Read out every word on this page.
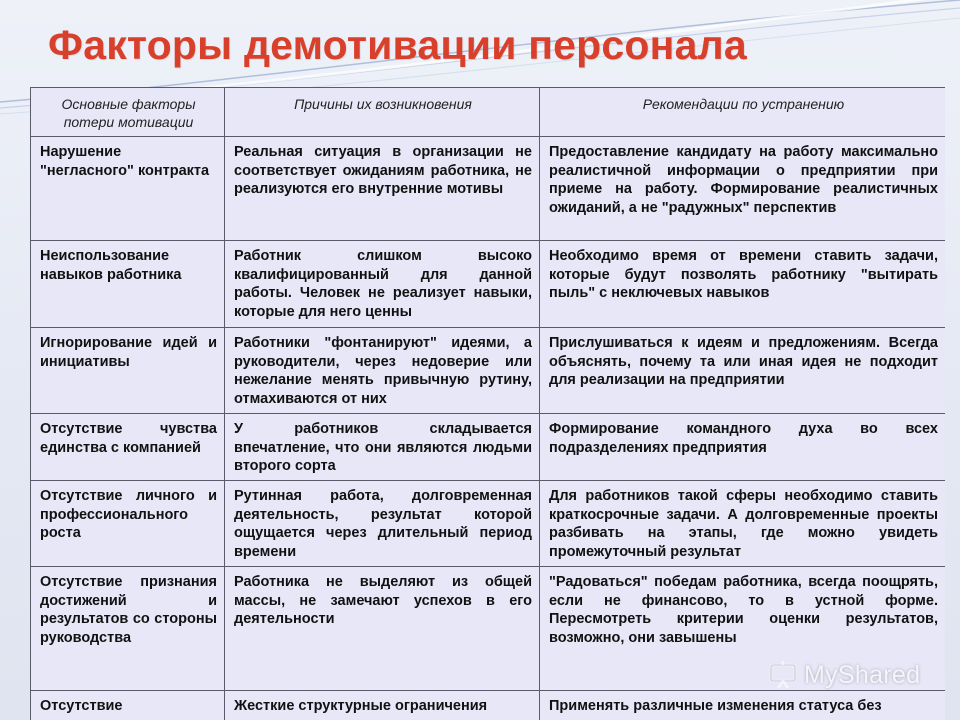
Факторы демотивации персонала
Основные факторы потери мотивации	Причины их возникновения	Рекомендации по устранению
Нарушение "негласного" контракта	Реальная ситуация в организации не соответствует ожиданиям работника, не реализуются его внутренние мотивы	Предоставление кандидату на работу максимально реалистичной информации о предприятии при приеме на работу. Формирование реалистичных ожиданий, а не "радужных" перспектив
Неиспользование навыков работника	Работник слишком высоко квалифицированный для данной работы. Человек не реализует навыки, которые для него ценны	Необходимо время от времени ставить задачи, которые будут позволять работнику "вытирать пыль" с неключевых навыков
Игнорирование идей и инициативы	Работники "фонтанируют" идеями, а руководители, через недоверие или нежелание менять привычную рутину, отмахиваются от них	Прислушиваться к идеям и предложениям. Всегда объяснять, почему та или иная идея не подходит для реализации на предприятии
Отсутствие чувства единства с компанией	У работников складывается впечатление, что они являются людьми второго сорта	Формирование командного духа во всех подразделениях предприятия
Отсутствие личного и профессионального роста	Рутинная работа, долговременная деятельность, результат которой ощущается через длительный период времени	Для работников такой сферы необходимо ставить краткосрочные задачи. А долговременные проекты разбивать на этапы, где можно увидеть промежуточный результат
Отсутствие признания достижений и результатов со стороны руководства	Работника не выделяют из общей массы, не замечают успехов в его деятельности	"Радоваться" победам работника, всегда поощрять, если не финансово, то в устной форме. Пересмотреть критерии оценки результатов, возможно, они завышены
Отсутствие	Жесткие структурные ограничения	Применять различные изменения статуса без
MyShared
